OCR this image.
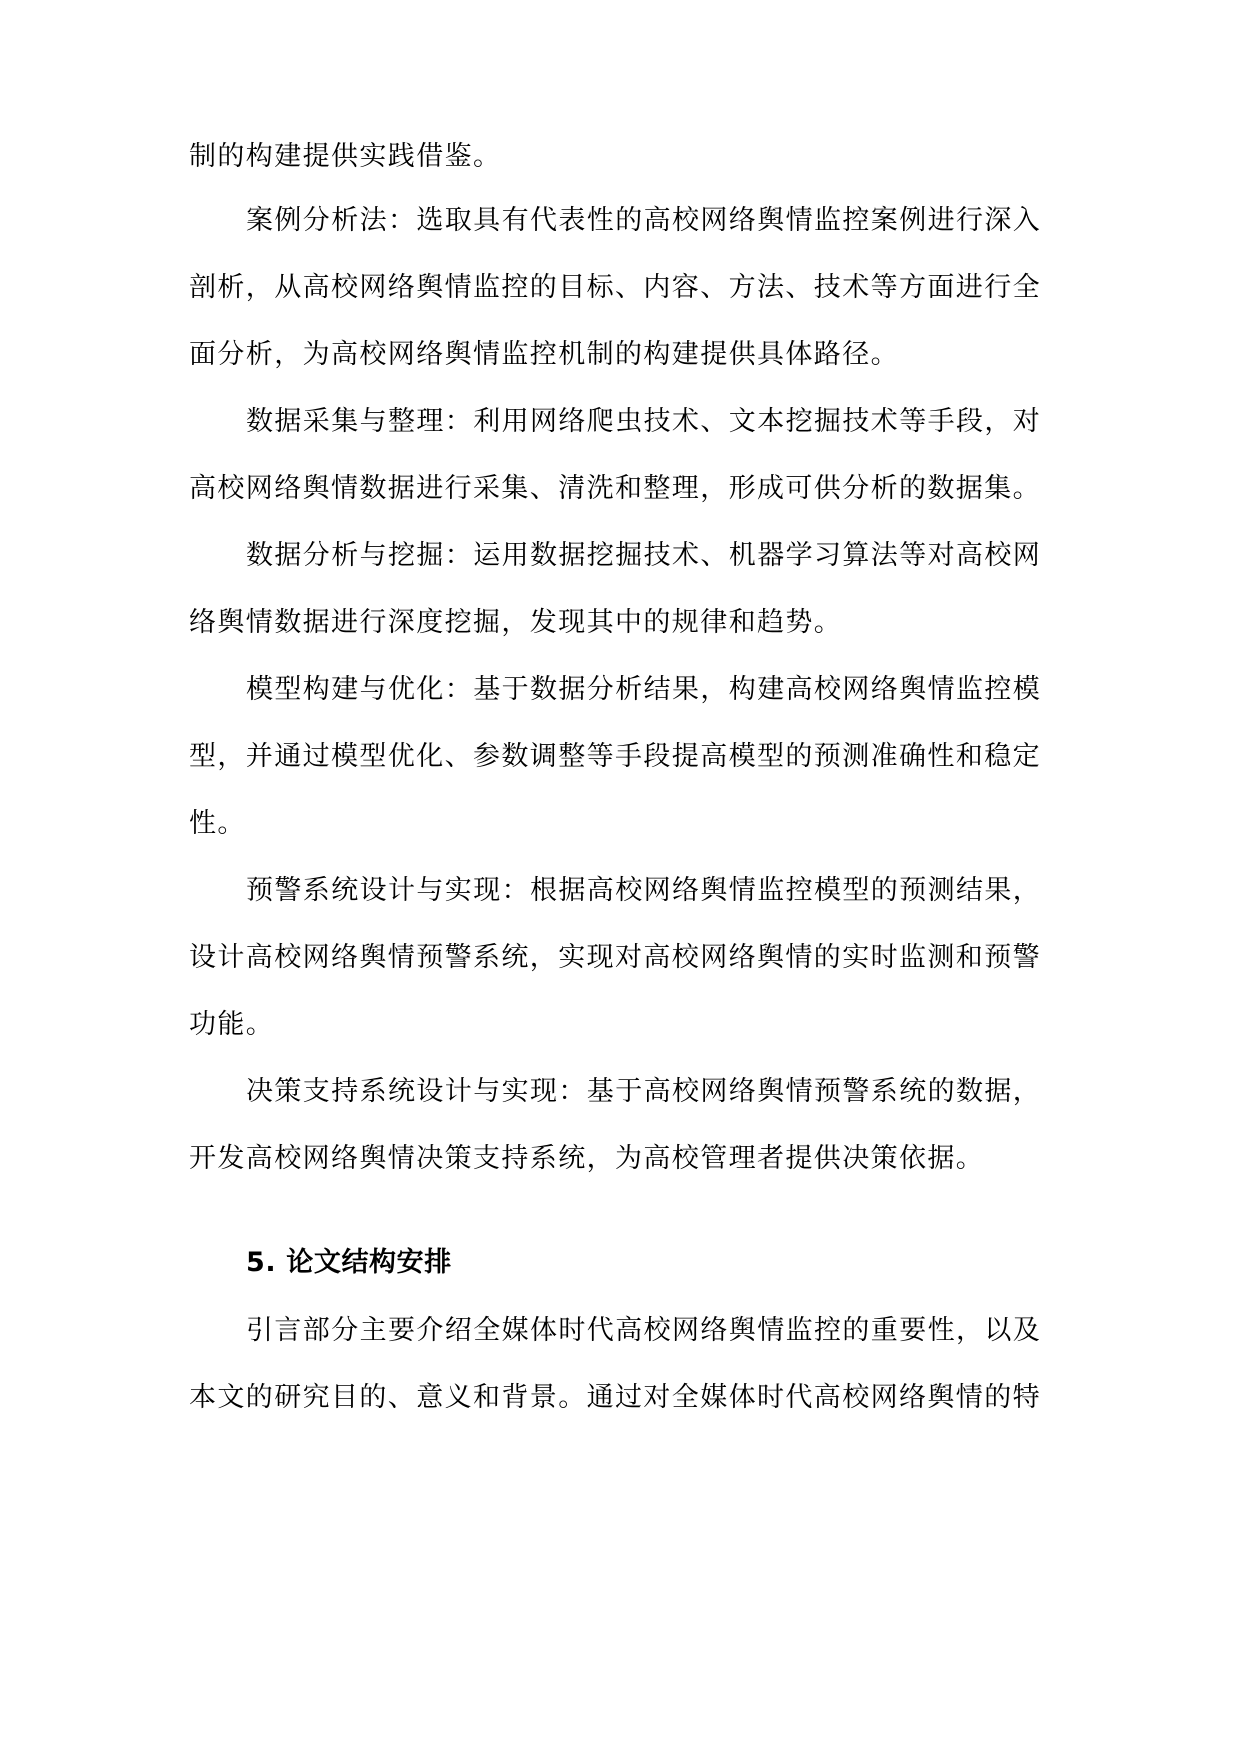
制的构建提供实践借鉴。
案例分析法：选取具有代表性的高校网络舆情监控案例进行深入
剖析，从高校网络舆情监控的目标、内容、方法、技术等方面进行全
面分析，为高校网络舆情监控机制的构建提供具体路径。
数据采集与整理：利用网络爬虫技术、文本挖掘技术等手段，对
高校网络舆情数据进行采集、清洗和整理，形成可供分析的数据集。
数据分析与挖掘：运用数据挖掘技术、机器学习算法等对高校网
络舆情数据进行深度挖掘，发现其中的规律和趋势。
模型构建与优化：基于数据分析结果，构建高校网络舆情监控模
型，并通过模型优化、参数调整等手段提高模型的预测准确性和稳定
性。
预警系统设计与实现：根据高校网络舆情监控模型的预测结果，
设计高校网络舆情预警系统，实现对高校网络舆情的实时监测和预警
功能。
决策支持系统设计与实现：基于高校网络舆情预警系统的数据，
开发高校网络舆情决策支持系统，为高校管理者提供决策依据。
5. 论文结构安排
引言部分主要介绍全媒体时代高校网络舆情监控的重要性，以及
本文的研究目的、意义和背景。通过对全媒体时代高校网络舆情的特
